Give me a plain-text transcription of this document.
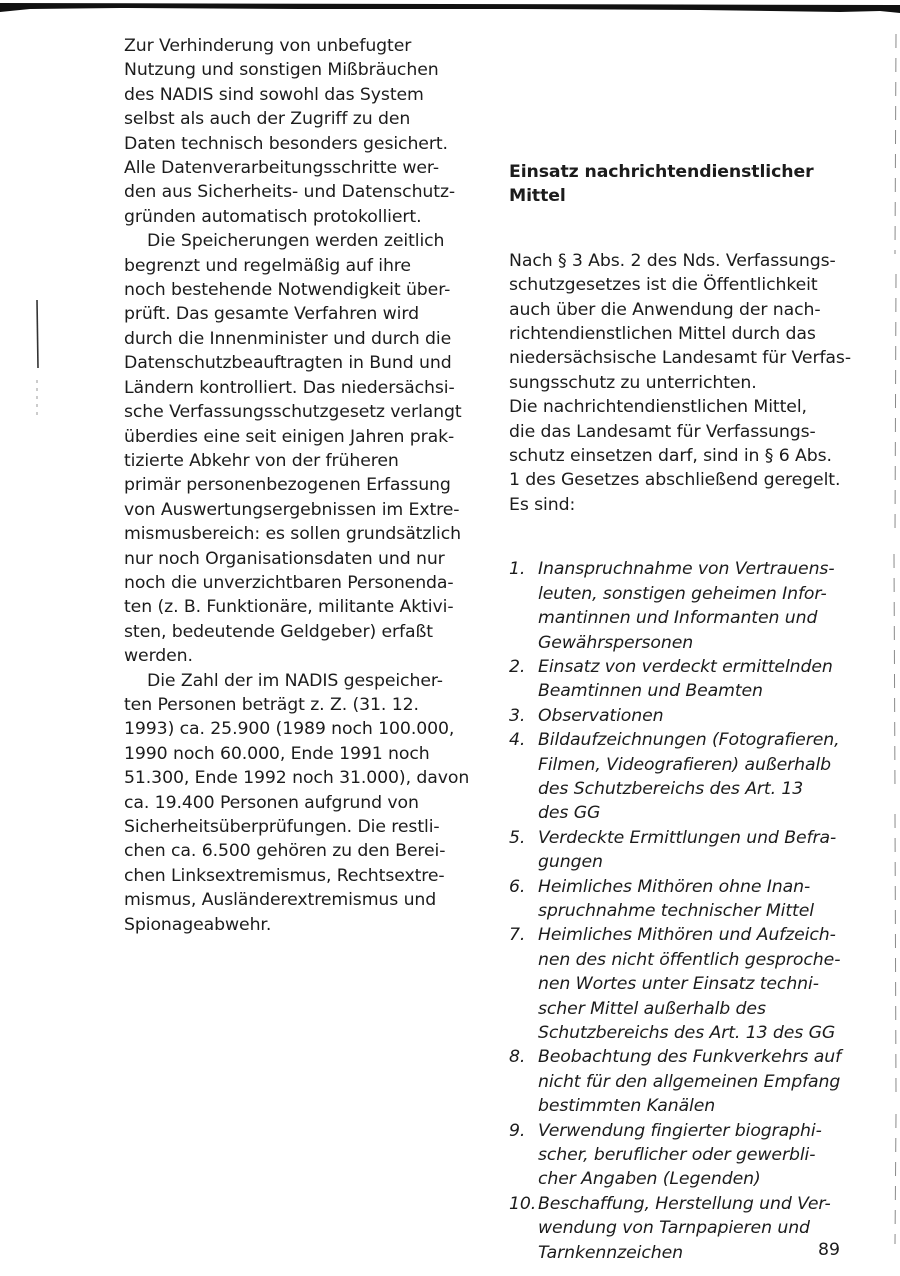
Zur Verhinderung von unbefugter
Nutzung und sonstigen Mißbräuchen
des NADIS sind sowohl das System
selbst als auch der Zugriff zu den
Daten technisch besonders gesichert.
Alle Datenverarbeitungsschritte wer-
den aus Sicherheits- und Datenschutz-
gründen automatisch protokolliert.
Die Speicherungen werden zeitlich
begrenzt und regelmäßig auf ihre
noch bestehende Notwendigkeit über-
prüft. Das gesamte Verfahren wird
durch die Innenminister und durch die
Datenschutzbeauftragten in Bund und
Ländern kontrolliert. Das niedersächsi-
sche Verfassungsschutzgesetz verlangt
überdies eine seit einigen Jahren prak-
tizierte Abkehr von der früheren
primär personenbezogenen Erfassung
von Auswertungsergebnissen im Extre-
mismusbereich: es sollen grundsätzlich
nur noch Organisationsdaten und nur
noch die unverzichtbaren Personenda-
ten (z. B. Funktionäre, militante Aktivi-
sten, bedeutende Geldgeber) erfaßt
werden.
Die Zahl der im NADIS gespeicher-
ten Personen beträgt z. Z. (31. 12.
1993) ca. 25.900 (1989 noch 100.000,
1990 noch 60.000, Ende 1991 noch
51.300, Ende 1992 noch 31.000), davon
ca. 19.400 Personen aufgrund von
Sicherheitsüberprüfungen. Die restli-
chen ca. 6.500 gehören zu den Berei-
chen Linksextremismus, Rechtsextre-
mismus, Ausländerextremismus und
Spionageabwehr.
Einsatz nachrichtendienstlicher
Mittel
Nach § 3 Abs. 2 des Nds. Verfassungs-
schutzgesetzes ist die Öffentlichkeit
auch über die Anwendung der nach-
richtendienstlichen Mittel durch das
niedersächsische Landesamt für Verfas-
sungsschutz zu unterrichten.
Die nachrichtendienstlichen Mittel,
die das Landesamt für Verfassungs-
schutz einsetzen darf, sind in § 6 Abs.
1 des Gesetzes abschließend geregelt.
Es sind:
1. Inanspruchnahme von Vertrauens-
leuten, sonstigen geheimen Infor-
mantinnen und Informanten und
Gewährspersonen
2. Einsatz von verdeckt ermittelnden
Beamtinnen und Beamten
3. Observationen
4. Bildaufzeichnungen (Fotografieren,
Filmen, Videografieren) außerhalb
des Schutzbereichs des Art. 13
des GG
5. Verdeckte Ermittlungen und Befra-
gungen
6. Heimliches Mithören ohne Inan-
spruchnahme technischer Mittel
7. Heimliches Mithören und Aufzeich-
nen des nicht öffentlich gesproche-
nen Wortes unter Einsatz techni-
scher Mittel außerhalb des
Schutzbereichs des Art. 13 des GG
8. Beobachtung des Funkverkehrs auf
nicht für den allgemeinen Empfang
bestimmten Kanälen
9. Verwendung fingierter biographi-
scher, beruflicher oder gewerbli-
cher Angaben (Legenden)
10. Beschaffung, Herstellung und Ver-
wendung von Tarnpapieren und
Tarnkennzeichen	89
